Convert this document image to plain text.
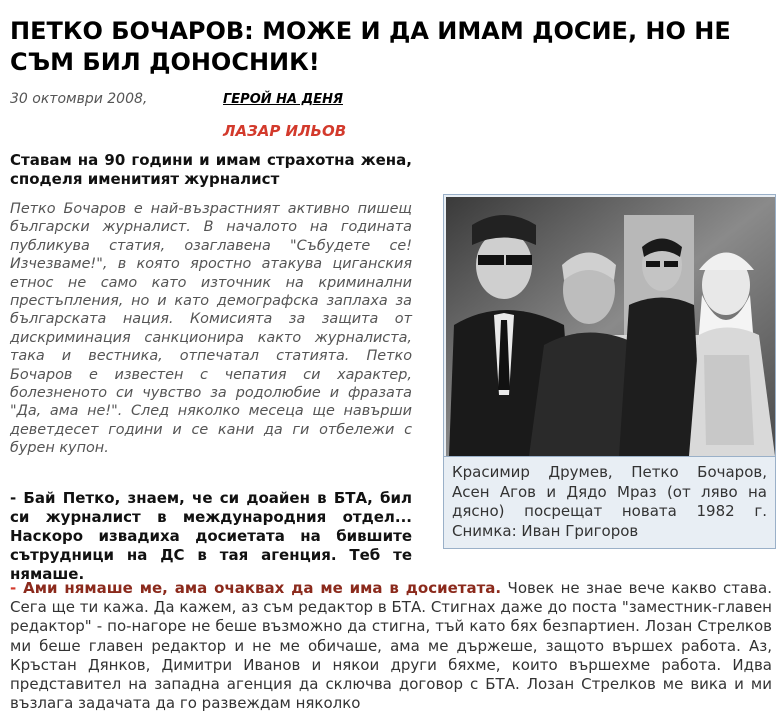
ПЕТКО БОЧАРОВ: МОЖЕ И ДА ИМАМ ДОСИЕ, НО НЕ СЪМ БИЛ ДОНОСНИК!
30 октомври 2008,	ГЕРОЙ НА ДЕНЯ
ЛАЗАР ИЛЬОВ

Ставам на 90 години и имам страхотна жена, споделя именитият журналист

Петко Бочаров е най-възрастният активно пишещ български журналист. В началото на годината публикува статия, озаглавена "Събудете се! Изчезваме!", в която яростно атакува циганския етнос не само като източник на криминални престъпления, но и като демографска заплаха за българската нация. Комисията за защита от дискриминация санкционира както журналиста, така и вестника, отпечатал статията. Петко Бочаров е известен с чепатия си характер, болезненото си чувство за родолюбие и фразата "Да, ама не!". След няколко месеца ще навърши деветдесет години и се кани да ги отбележи с бурен купон.

Красимир Друмев, Петко Бочаров, Асен Агов и Дядо Мраз (от ляво на дясно) посрещат новата 1982 г. Снимка: Иван Григоров

- Бай Петко, знаем, че си доайен в БТА, бил си журналист в международния отдел... Наскоро извадиха досиетата на бившите сътрудници на ДС в тая агенция. Теб те нямаше.

- Ами нямаше ме, ама очаквах да ме има в досиетата. Човек не знае вече какво става. Сега ще ти кажа. Да кажем, аз съм редактор в БТА. Стигнах даже до поста "заместник-главен редактор" - по-нагоре не беше възможно да стигна, тъй като бях безпартиен. Лозан Стрелков ми беше главен редактор и не ме обичаше, ама ме държеше, защото вършех работа. Аз, Кръстан Дянков, Димитри Иванов и някои други бяхме, които вършехме работа. Идва представител на западна агенция да сключва договор с БТА. Лозан Стрелков ме вика и ми възлага задачата да го развеждам няколко
